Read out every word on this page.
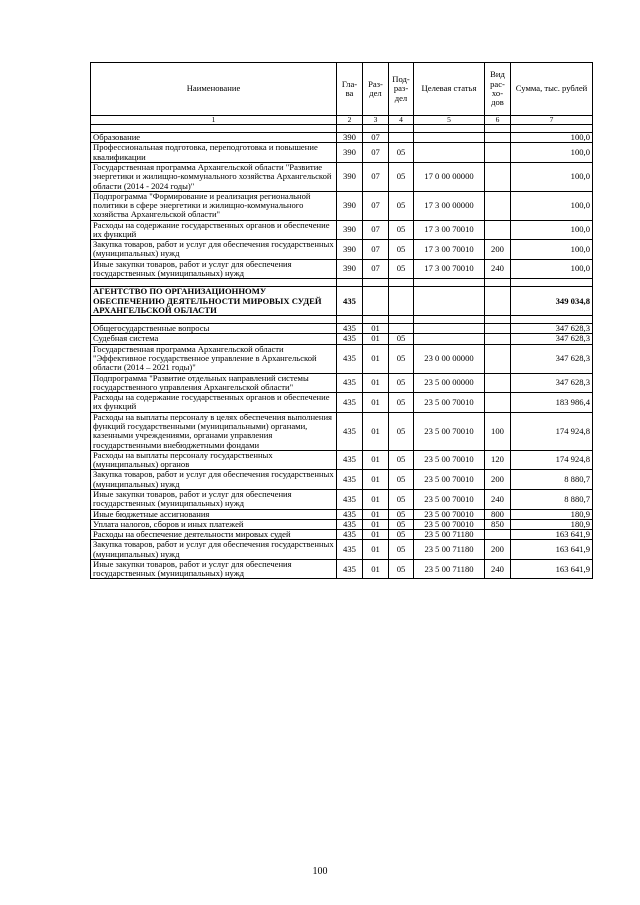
Наименование	Гла-ва	Раз-дел	Под-раз-дел	Целевая статья	Вид рас-хо-дов	Сумма, тыс. рублей
1	2	3	4	5	6	7

Образование	390	07				100,0
Профессиональная подготовка, переподготовка и повышение квалификации	390	07	05			100,0
Государственная программа Архангельской области "Развитие энергетики и жилищно-коммунального хозяйства Архангельской области (2014 - 2024 годы)"	390	07	05	17 0 00 00000		100,0
Подпрограмма "Формирование и реализация региональной политики в сфере энергетики и жилищно-коммунального хозяйства Архангельской области"	390	07	05	17 3 00 00000		100,0
Расходы на содержание государственных органов и обеспечение их функций	390	07	05	17 3 00 70010		100,0
Закупка товаров, работ и услуг для обеспечения государственных (муниципальных) нужд	390	07	05	17 3 00 70010	200	100,0
Иные закупки товаров, работ и услуг для обеспечения государственных (муниципальных) нужд	390	07	05	17 3 00 70010	240	100,0

АГЕНТСТВО ПО ОРГАНИЗАЦИОННОМУ ОБЕСПЕЧЕНИЮ ДЕЯТЕЛЬНОСТИ МИРОВЫХ СУДЕЙ АРХАНГЕЛЬСКОЙ ОБЛАСТИ	435					349 034,8

Общегосударственные вопросы	435	01				347 628,3
Судебная система	435	01	05			347 628,3
Государственная программа Архангельской области "Эффективное государственное управление в Архангельской области (2014 – 2021 годы)"	435	01	05	23 0 00 00000		347 628,3
Подпрограмма "Развитие отдельных направлений системы государственного управления Архангельской области"	435	01	05	23 5 00 00000		347 628,3
Расходы на содержание государственных органов и обеспечение их функций	435	01	05	23 5 00 70010		183 986,4
Расходы на выплаты персоналу в целях обеспечения выполнения функций государственными (муниципальными) органами, казенными учреждениями, органами управления государственными внебюджетными фондами	435	01	05	23 5 00 70010	100	174 924,8
Расходы на выплаты персоналу государственных (муниципальных) органов	435	01	05	23 5 00 70010	120	174 924,8
Закупка товаров, работ и услуг для обеспечения государственных (муниципальных) нужд	435	01	05	23 5 00 70010	200	8 880,7
Иные закупки товаров, работ и услуг для обеспечения государственных (муниципальных) нужд	435	01	05	23 5 00 70010	240	8 880,7
Иные бюджетные ассигнования	435	01	05	23 5 00 70010	800	180,9
Уплата налогов, сборов и иных платежей	435	01	05	23 5 00 70010	850	180,9
Расходы на обеспечение деятельности мировых судей	435	01	05	23 5 00 71180		163 641,9
Закупка товаров, работ и услуг для обеспечения государственных (муниципальных) нужд	435	01	05	23 5 00 71180	200	163 641,9
Иные закупки товаров, работ и услуг для обеспечения государственных (муниципальных) нужд	435	01	05	23 5 00 71180	240	163 641,9
100
